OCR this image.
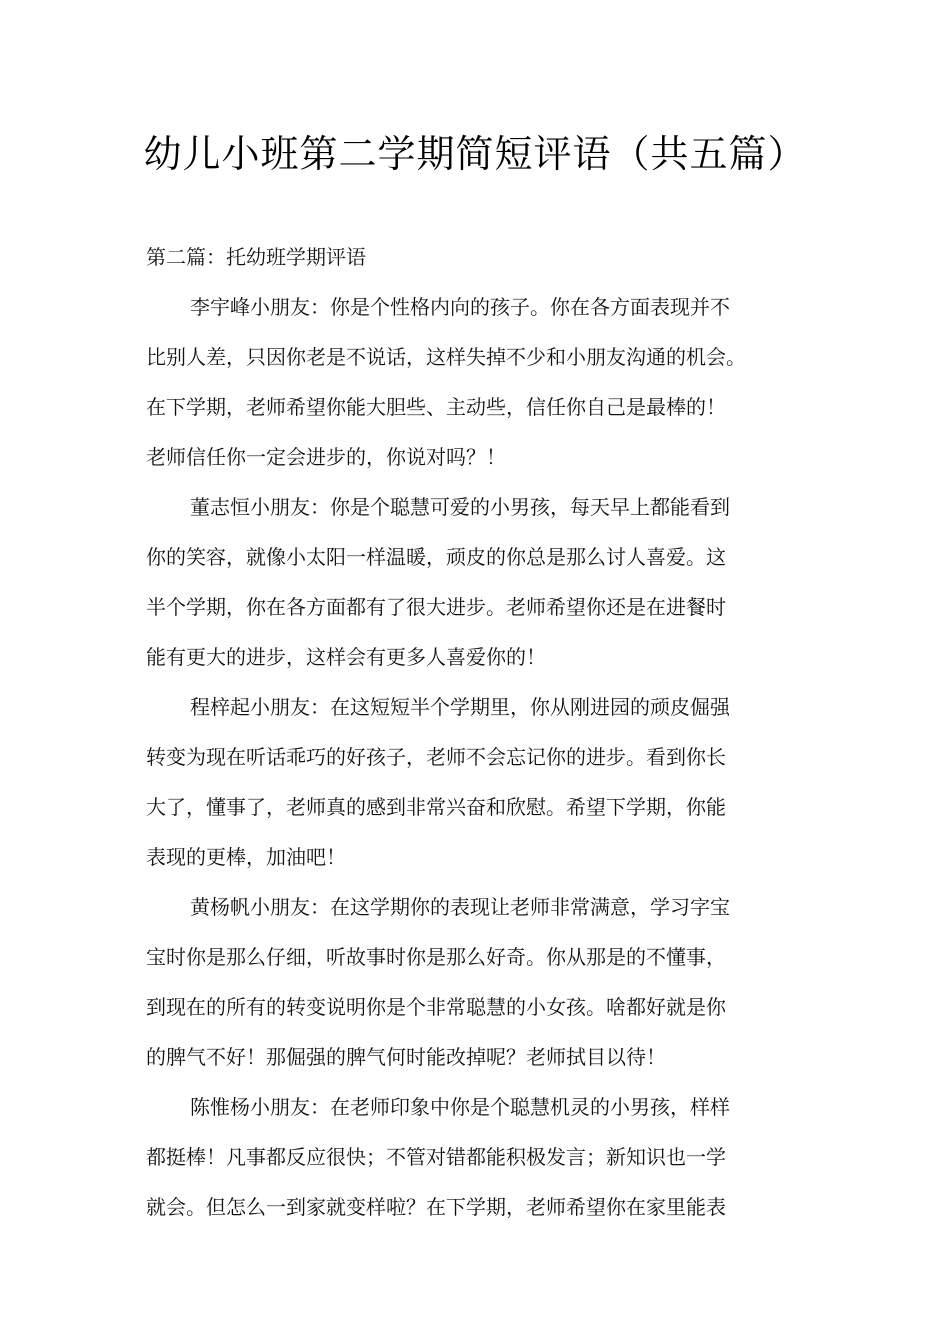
幼儿小班第二学期简短评语（共五篇）
第二篇：托幼班学期评语
李宇峰小朋友：你是个性格内向的孩子。你在各方面表现并不
比别人差，只因你老是不说话，这样失掉不少和小朋友沟通的机会。
在下学期，老师希望你能大胆些、主动些，信任你自己是最棒的！
老师信任你一定会进步的，你说对吗？！
董志恒小朋友：你是个聪慧可爱的小男孩，每天早上都能看到
你的笑容，就像小太阳一样温暖，顽皮的你总是那么讨人喜爱。这
半个学期，你在各方面都有了很大进步。老师希望你还是在进餐时
能有更大的进步，这样会有更多人喜爱你的！
程梓起小朋友：在这短短半个学期里，你从刚进园的顽皮倔强
转变为现在听话乖巧的好孩子，老师不会忘记你的进步。看到你长
大了，懂事了，老师真的感到非常兴奋和欣慰。希望下学期，你能
表现的更棒，加油吧！
黄杨帆小朋友：在这学期你的表现让老师非常满意，学习字宝
宝时你是那么仔细，听故事时你是那么好奇。你从那是的不懂事，
到现在的所有的转变说明你是个非常聪慧的小女孩。啥都好就是你
的脾气不好！那倔强的脾气何时能改掉呢？老师拭目以待！
陈惟杨小朋友：在老师印象中你是个聪慧机灵的小男孩，样样
都挺棒！凡事都反应很快；不管对错都能积极发言；新知识也一学
就会。但怎么一到家就变样啦？在下学期，老师希望你在家里能表
